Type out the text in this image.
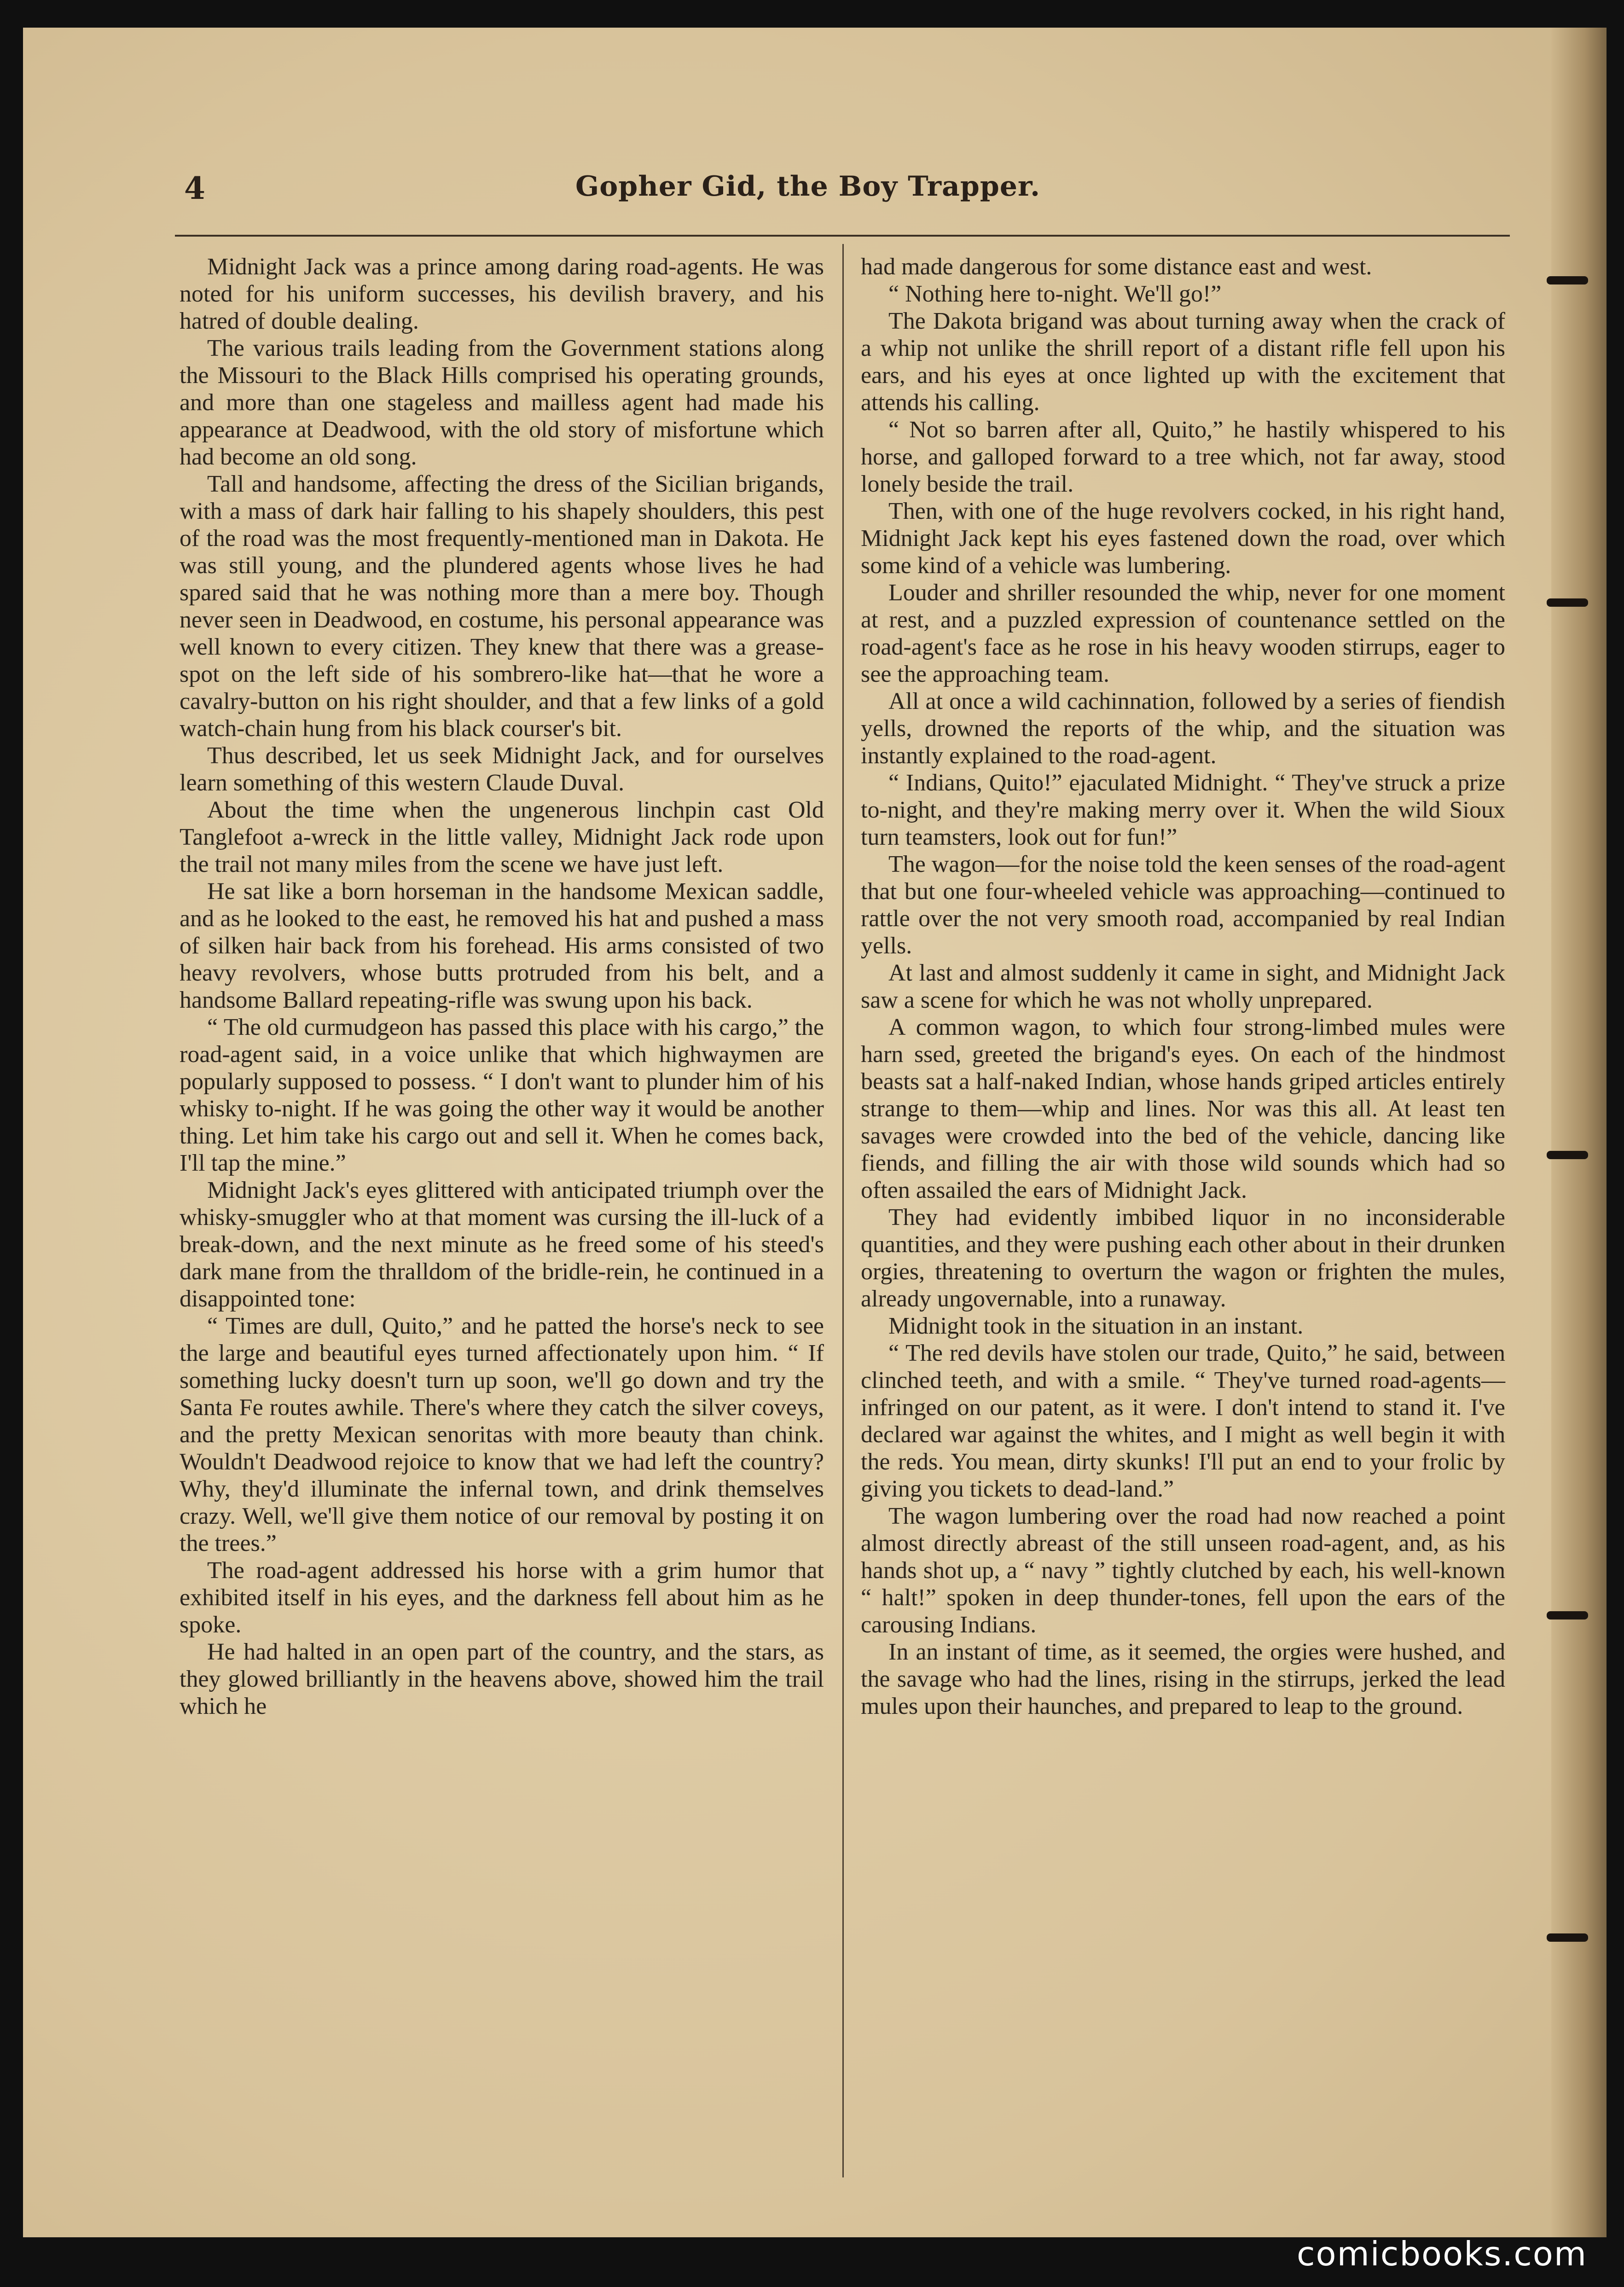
4	Gopher Gid, the Boy Trapper.

Midnight Jack was a prince among daring road-agents. He was noted for his uniform successes, his devilish bravery, and his hatred of double dealing.

The various trails leading from the Government stations along the Missouri to the Black Hills comprised his operating grounds, and more than one stageless and mailless agent had made his appearance at Deadwood, with the old story of misfortune which had become an old song.

Tall and handsome, affecting the dress of the Sicilian brigands, with a mass of dark hair falling to his shapely shoulders, this pest of the road was the most frequently-mentioned man in Dakota. He was still young, and the plundered agents whose lives he had spared said that he was nothing more than a mere boy. Though never seen in Deadwood, en costume, his personal appearance was well known to every citizen. They knew that there was a grease-spot on the left side of his sombrero-like hat—that he wore a cavalry-button on his right shoulder, and that a few links of a gold watch-chain hung from his black courser's bit.

Thus described, let us seek Midnight Jack, and for ourselves learn something of this western Claude Duval.

About the time when the ungenerous linchpin cast Old Tanglefoot a-wreck in the little valley, Midnight Jack rode upon the trail not many miles from the scene we have just left.

He sat like a born horseman in the handsome Mexican saddle, and as he looked to the east, he removed his hat and pushed a mass of silken hair back from his forehead. His arms consisted of two heavy revolvers, whose butts protruded from his belt, and a handsome Ballard repeating-rifle was swung upon his back.

“ The old curmudgeon has passed this place with his cargo,” the road-agent said, in a voice unlike that which highwaymen are popularly supposed to possess. “ I don't want to plunder him of his whisky to-night. If he was going the other way it would be another thing. Let him take his cargo out and sell it. When he comes back, I'll tap the mine.”

Midnight Jack's eyes glittered with anticipated triumph over the whisky-smuggler who at that moment was cursing the ill-luck of a break-down, and the next minute as he freed some of his steed's dark mane from the thralldom of the bridle-rein, he continued in a disappointed tone:

“ Times are dull, Quito,” and he patted the horse's neck to see the large and beautiful eyes turned affectionately upon him. “ If something lucky doesn't turn up soon, we'll go down and try the Santa Fe routes awhile. There's where they catch the silver coveys, and the pretty Mexican senoritas with more beauty than chink. Wouldn't Deadwood rejoice to know that we had left the country? Why, they'd illuminate the infernal town, and drink themselves crazy. Well, we'll give them notice of our removal by posting it on the trees.”

The road-agent addressed his horse with a grim humor that exhibited itself in his eyes, and the darkness fell about him as he spoke.

He had halted in an open part of the country, and the stars, as they glowed brilliantly in the heavens above, showed him the trail which he

had made dangerous for some distance east and west.

“ Nothing here to-night. We'll go!”

The Dakota brigand was about turning away when the crack of a whip not unlike the shrill report of a distant rifle fell upon his ears, and his eyes at once lighted up with the excitement that attends his calling.

“ Not so barren after all, Quito,” he hastily whispered to his horse, and galloped forward to a tree which, not far away, stood lonely beside the trail.

Then, with one of the huge revolvers cocked, in his right hand, Midnight Jack kept his eyes fastened down the road, over which some kind of a vehicle was lumbering.

Louder and shriller resounded the whip, never for one moment at rest, and a puzzled expression of countenance settled on the road-agent's face as he rose in his heavy wooden stirrups, eager to see the approaching team.

All at once a wild cachinnation, followed by a series of fiendish yells, drowned the reports of the whip, and the situation was instantly explained to the road-agent.

“ Indians, Quito!” ejaculated Midnight. “ They've struck a prize to-night, and they're making merry over it. When the wild Sioux turn teamsters, look out for fun!”

The wagon—for the noise told the keen senses of the road-agent that but one four-wheeled vehicle was approaching—continued to rattle over the not very smooth road, accompanied by real Indian yells.

At last and almost suddenly it came in sight, and Midnight Jack saw a scene for which he was not wholly unprepared.

A common wagon, to which four strong-limbed mules were harn ssed, greeted the brigand's eyes. On each of the hindmost beasts sat a half-naked Indian, whose hands griped articles entirely strange to them—whip and lines. Nor was this all. At least ten savages were crowded into the bed of the vehicle, dancing like fiends, and filling the air with those wild sounds which had so often assailed the ears of Midnight Jack.

They had evidently imbibed liquor in no inconsiderable quantities, and they were pushing each other about in their drunken orgies, threatening to overturn the wagon or frighten the mules, already ungovernable, into a runaway.

Midnight took in the situation in an instant.

“ The red devils have stolen our trade, Quito,” he said, between clinched teeth, and with a smile. “ They've turned road-agents—infringed on our patent, as it were. I don't intend to stand it. I've declared war against the whites, and I might as well begin it with the reds. You mean, dirty skunks! I'll put an end to your frolic by giving you tickets to dead-land.”

The wagon lumbering over the road had now reached a point almost directly abreast of the still unseen road-agent, and, as his hands shot up, a “ navy ” tightly clutched by each, his well-known “ halt!” spoken in deep thunder-tones, fell upon the ears of the carousing Indians.

In an instant of time, as it seemed, the orgies were hushed, and the savage who had the lines, rising in the stirrups, jerked the lead mules upon their haunches, and prepared to leap to the ground.

comicbooks.com
